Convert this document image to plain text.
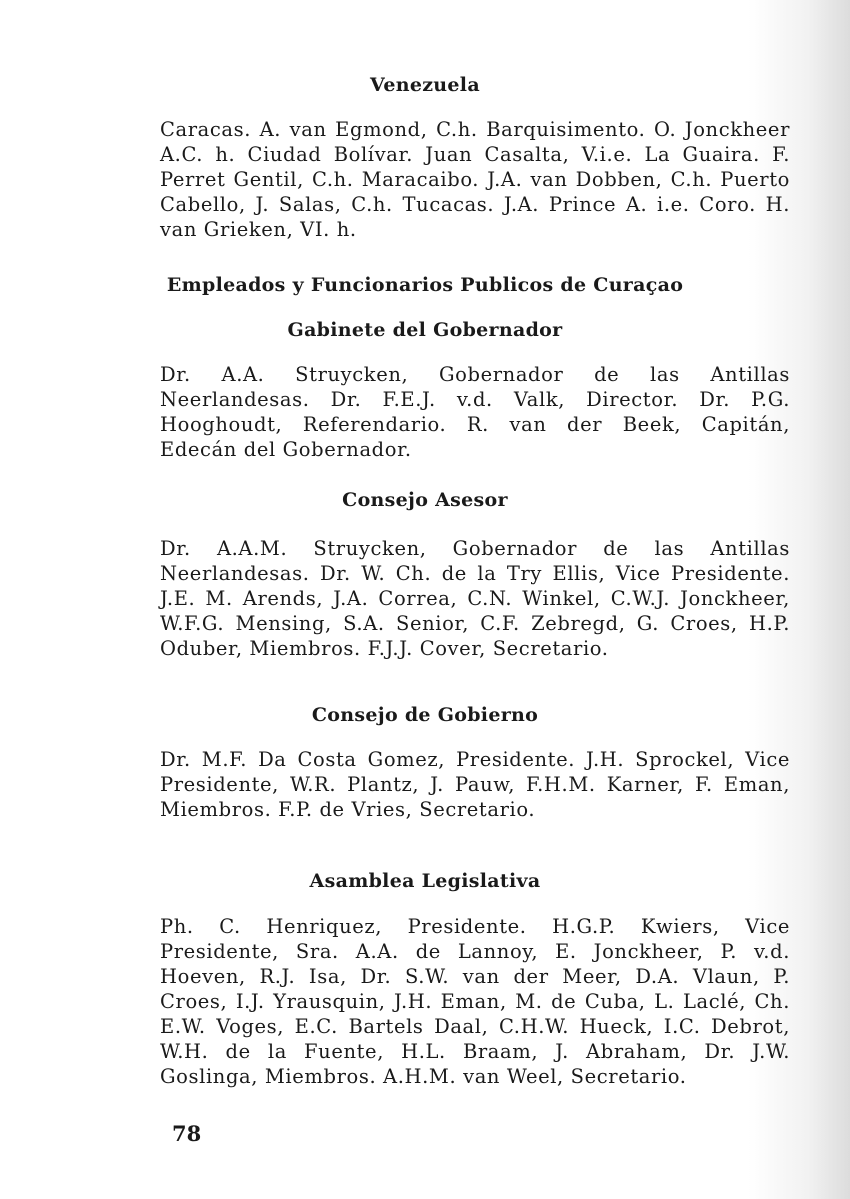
Venezuela

Caracas. A. van Egmond, C.h. Barquisimento. O. Jonckheer A.C. h. Ciudad Bolívar. Juan Casalta, V.i.e. La Guaira. F. Perret Gentil, C.h. Maracaibo. J.A. van Dobben, C.h. Puerto Cabello, J. Salas, C.h. Tucacas. J.A. Prince A. i.e. Coro. H. van Grieken, VI. h.

Empleados y Funcionarios Publicos de Curaçao
Gabinete del Gobernador

Dr. A.A. Struycken, Gobernador de las Antillas Neerlandesas. Dr. F.E.J. v.d. Valk, Director. Dr. P.G. Hooghoudt, Referendario. R. van der Beek, Capitán, Edecán del Gobernador.

Consejo Asesor

Dr. A.A.M. Struycken, Gobernador de las Antillas Neerlandesas. Dr. W. Ch. de la Try Ellis, Vice Presidente. J.E. M. Arends, J.A. Correa, C.N. Winkel, C.W.J. Jonckheer, W.F.G. Mensing, S.A. Senior, C.F. Zebregd, G. Croes, H.P. Oduber, Miembros. F.J.J. Cover, Secretario.

Consejo de Gobierno

Dr. M.F. Da Costa Gomez, Presidente. J.H. Sprockel, Vice Presidente, W.R. Plantz, J. Pauw, F.H.M. Karner, F. Eman, Miembros. F.P. de Vries, Secretario.

Asamblea Legislativa

Ph. C. Henriquez, Presidente. H.G.P. Kwiers, Vice Presidente, Sra. A.A. de Lannoy, E. Jonckheer, P. v.d. Hoeven, R.J. Isa, Dr. S.W. van der Meer, D.A. Vlaun, P. Croes, I.J. Yrausquin, J.H. Eman, M. de Cuba, L. Laclé, Ch. E.W. Voges, E.C. Bartels Daal, C.H.W. Hueck, I.C. Debrot, W.H. de la Fuente, H.L. Braam, J. Abraham, Dr. J.W. Goslinga, Miembros. A.H.M. van Weel, Secretario.

78
